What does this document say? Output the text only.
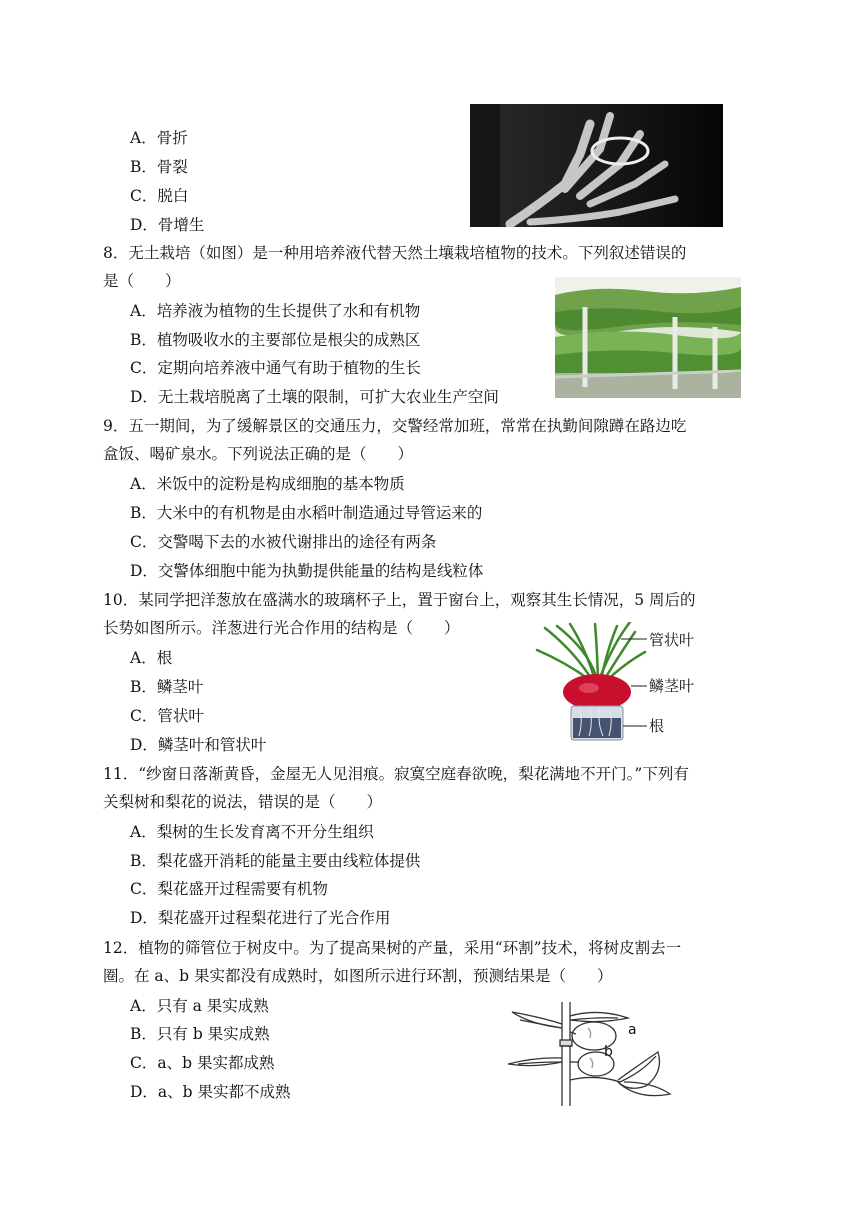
A．骨折
B．骨裂
C．脱白
D．骨增生
8．无土栽培（如图）是一种用培养液代替天然土壤栽培植物的技术。下列叙述错误的
是（　　）
A．培养液为植物的生长提供了水和有机物
B．植物吸收水的主要部位是根尖的成熟区
C．定期向培养液中通气有助于植物的生长
D．无土栽培脱离了土壤的限制，可扩大农业生产空间
9．五一期间，为了缓解景区的交通压力，交警经常加班，常常在执勤间隙蹲在路边吃
盒饭、喝矿泉水。下列说法正确的是（　　）
A．米饭中的淀粉是构成细胞的基本物质
B．大米中的有机物是由水稻叶制造通过导管运来的
C．交警喝下去的水被代谢排出的途径有两条
D．交警体细胞中能为执勤提供能量的结构是线粒体
10．某同学把洋葱放在盛满水的玻璃杯子上，置于窗台上，观察其生长情况，5 周后的
长势如图所示。洋葱进行光合作用的结构是（　　）
A．根
B．鳞茎叶
C．管状叶
D．鳞茎叶和管状叶
管状叶
鳞茎叶
根
11．“纱窗日落渐黄昏，金屋无人见泪痕。寂寞空庭春欲晚，梨花满地不开门。”下列有
关梨树和梨花的说法，错误的是（　　）
A．梨树的生长发育离不开分生组织
B．梨花盛开消耗的能量主要由线粒体提供
C．梨花盛开过程需要有机物
D．梨花盛开过程梨花进行了光合作用
12．植物的筛管位于树皮中。为了提高果树的产量，采用“环割”技术，将树皮割去一
圈。在 a、b 果实都没有成熟时，如图所示进行环割，预测结果是（　　）
A．只有 a 果实成熟
B．只有 b 果实成熟
C．a、b 果实都成熟
D．a、b 果实都不成熟
a
b
